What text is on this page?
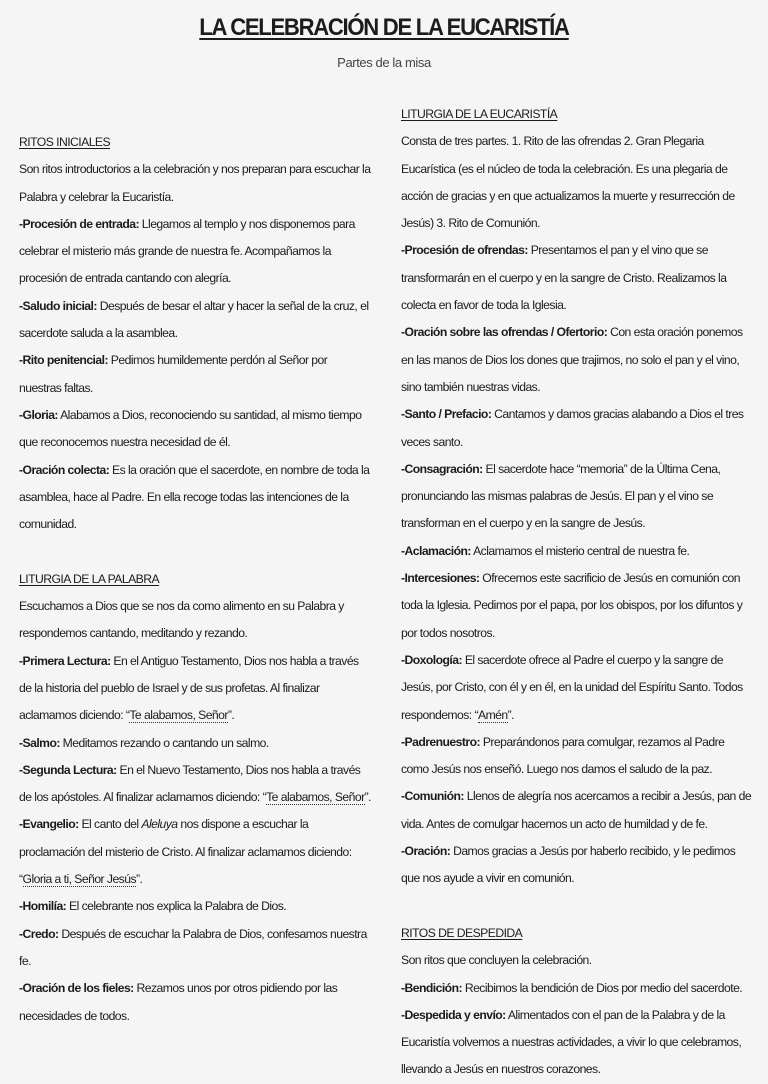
LA CELEBRACIÓN DE LA EUCARISTÍA

Partes de la misa

RITOS INICIALES

Son ritos introductorios a la celebración y nos preparan para escuchar la Palabra y celebrar la Eucaristía.

-Procesión de entrada: Llegamos al templo y nos disponemos para celebrar el misterio más grande de nuestra fe. Acompañamos la procesión de entrada cantando con alegría.

-Saludo inicial: Después de besar el altar y hacer la señal de la cruz, el sacerdote saluda a la asamblea.

-Rito penitencial: Pedimos humildemente perdón al Señor por nuestras faltas.

-Gloria: Alabamos a Dios, reconociendo su santidad, al mismo tiempo que reconocemos nuestra necesidad de él.

-Oración colecta: Es la oración que el sacerdote, en nombre de toda la asamblea, hace al Padre. En ella recoge todas las intenciones de la comunidad.

LITURGIA DE LA PALABRA

Escuchamos a Dios que se nos da como alimento en su Palabra y respondemos cantando, meditando y rezando.

-Primera Lectura: En el Antiguo Testamento, Dios nos habla a través de la historia del pueblo de Israel y de sus profetas. Al finalizar aclamamos diciendo: “Te alabamos, Señor”.

-Salmo: Meditamos rezando o cantando un salmo.

-Segunda Lectura: En el Nuevo Testamento, Dios nos habla a través de los apóstoles. Al finalizar aclamamos diciendo: “Te alabamos, Señor”.

-Evangelio: El canto del Aleluya nos dispone a escuchar la proclamación del misterio de Cristo. Al finalizar aclamamos diciendo: “Gloria a ti, Señor Jesús”.

-Homilía: El celebrante nos explica la Palabra de Dios.

-Credo: Después de escuchar la Palabra de Dios, confesamos nuestra fe.

-Oración de los fieles: Rezamos unos por otros pidiendo por las necesidades de todos.

LITURGIA DE LA EUCARISTÍA

Consta de tres partes. 1. Rito de las ofrendas 2. Gran Plegaria Eucarística (es el núcleo de toda la celebración. Es una plegaria de acción de gracias y en que actualizamos la muerte y resurrección de Jesús) 3. Rito de Comunión.

-Procesión de ofrendas: Presentamos el pan y el vino que se transformarán en el cuerpo y en la sangre de Cristo. Realizamos la colecta en favor de toda la Iglesia.

-Oración sobre las ofrendas / Ofertorio: Con esta oración ponemos en las manos de Dios los dones que trajimos, no solo el pan y el vino, sino también nuestras vidas.

-Santo / Prefacio: Cantamos y damos gracias alabando a Dios el tres veces santo.

-Consagración: El sacerdote hace “memoria” de la Última Cena, pronunciando las mismas palabras de Jesús. El pan y el vino se transforman en el cuerpo y en la sangre de Jesús.

-Aclamación: Aclamamos el misterio central de nuestra fe.

-Intercesiones: Ofrecemos este sacrificio de Jesús en comunión con toda la Iglesia. Pedimos por el papa, por los obispos, por los difuntos y por todos nosotros.

-Doxología: El sacerdote ofrece al Padre el cuerpo y la sangre de Jesús, por Cristo, con él y en él, en la unidad del Espíritu Santo. Todos respondemos: “Amén”.

-Padrenuestro: Preparándonos para comulgar, rezamos al Padre como Jesús nos enseñó. Luego nos damos el saludo de la paz.

-Comunión: Llenos de alegría nos acercamos a recibir a Jesús, pan de vida. Antes de comulgar hacemos un acto de humildad y de fe.

-Oración: Damos gracias a Jesús por haberlo recibido, y le pedimos que nos ayude a vivir en comunión.

RITOS DE DESPEDIDA

Son ritos que concluyen la celebración.

-Bendición: Recibimos la bendición de Dios por medio del sacerdote.

-Despedida y envío: Alimentados con el pan de la Palabra y de la Eucaristía volvemos a nuestras actividades, a vivir lo que celebramos, llevando a Jesús en nuestros corazones.
